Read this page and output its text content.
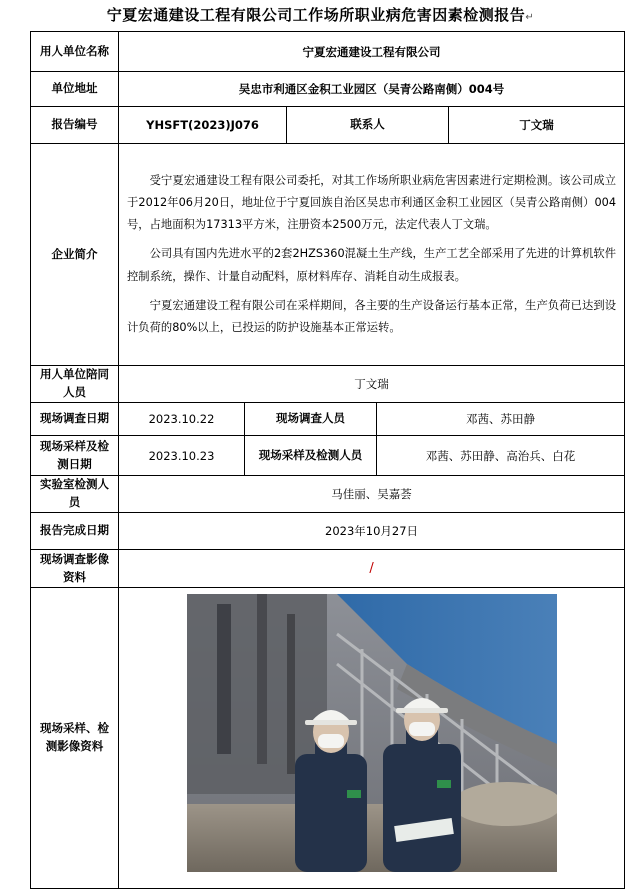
宁夏宏通建设工程有限公司工作场所职业病危害因素检测报告↵
用人单位名称	宁夏宏通建设工程有限公司				
单位地址	吴忠市利通区金积工业园区（吴青公路南侧）004号				
报告编号	YHSFT(2023)J076		联系人		丁文瑞
企业简介	受宁夏宏通建设工程有限公司委托，对其工作场所职业病危害因素进行定期检测。该公司成立于2012年06月20日，地址位于宁夏回族自治区吴忠市利通区金积工业园区（吴青公路南侧）004号，占地面积为17313平方米，注册资本2500万元，法定代表人丁文瑞。

公司具有国内先进水平的2套2HZS360混凝土生产线，生产工艺全部采用了先进的计算机软件控制系统，操作、计量自动配料，原材料库存、消耗自动生成报表。

宁夏宏通建设工程有限公司在采样期间，各主要的生产设备运行基本正常，生产负荷已达到设计负荷的80%以上，已投运的防护设施基本正常运转。				

用人单位陪同人员	丁文瑞				
现场调查日期	2023.10.22	现场调查人员		邓茜、苏田静	
现场采样及检测日期	2023.10.23	现场采样及检测人员		邓茜、苏田静、高治兵、白花	
实验室检测人员	马佳丽、吴嘉荟				
报告完成日期	2023年10月27日				
现场调查影像资料	/				
现场采样、检测影像资料	
